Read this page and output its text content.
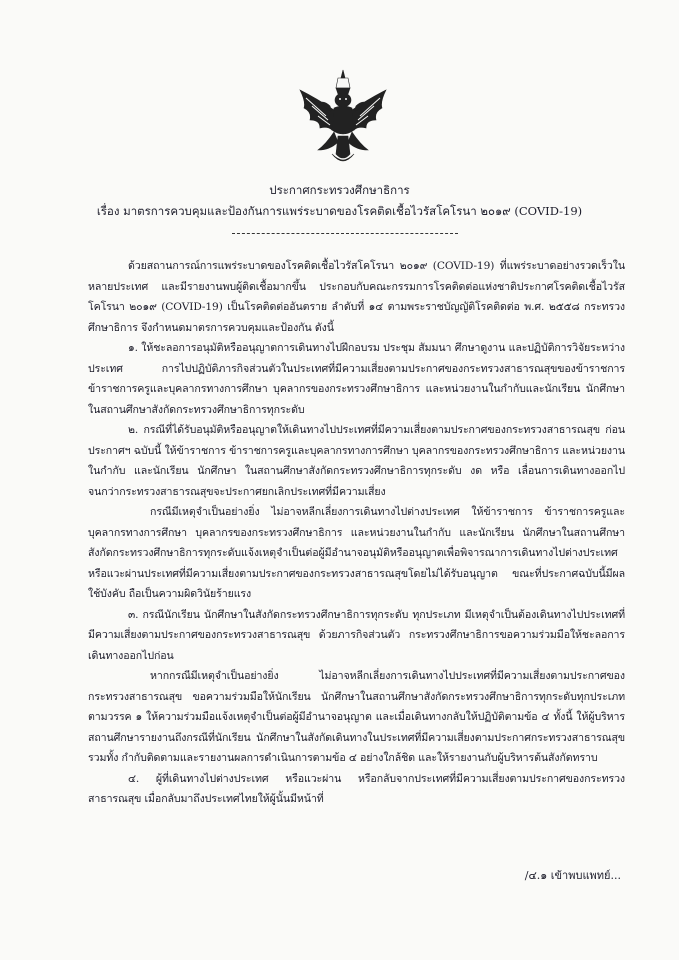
ประกาศกระทรวงศึกษาธิการ
เรื่อง มาตรการควบคุมและป้องกันการแพร่ระบาดของโรคติดเชื้อไวรัสโคโรนา ๒๐๑๙ (COVID-19)

ด้วยสถานการณ์การแพร่ระบาดของโรคติดเชื้อไวรัสโคโรนา ๒๐๑๙ (COVID-19) ที่แพร่ระบาดอย่างรวดเร็วในหลายประเทศ และมีรายงานพบผู้ติดเชื้อมากขึ้น ประกอบกับคณะกรรมการโรคติดต่อแห่งชาติประกาศโรคติดเชื้อไวรัสโคโรนา ๒๐๑๙ (COVID-19) เป็นโรคติดต่ออันตราย ลำดับที่ ๑๔ ตามพระราชบัญญัติโรคติดต่อ พ.ศ. ๒๕๕๘ กระทรวงศึกษาธิการ จึงกำหนดมาตรการควบคุมและป้องกัน ดังนี้

๑. ให้ชะลอการอนุมัติหรืออนุญาตการเดินทางไปฝึกอบรม ประชุม สัมมนา ศึกษาดูงาน และปฏิบัติการวิจัยระหว่างประเทศ การไปปฏิบัติภารกิจส่วนตัวในประเทศที่มีความเสี่ยงตามประกาศของกระทรวงสาธารณสุขของข้าราชการ ข้าราชการครูและบุคลากรทางการศึกษา บุคลากรของกระทรวงศึกษาธิการ และหน่วยงานในกำกับและนักเรียน นักศึกษา ในสถานศึกษาสังกัดกระทรวงศึกษาธิการทุกระดับ

๒. กรณีที่ได้รับอนุมัติหรืออนุญาตให้เดินทางไปประเทศที่มีความเสี่ยงตามประกาศของกระทรวงสาธารณสุข ก่อนประกาศฯ ฉบับนี้ ให้ข้าราชการ ข้าราชการครูและบุคลากรทางการศึกษา บุคลากรของกระทรวงศึกษาธิการ และหน่วยงานในกำกับ และนักเรียน นักศึกษา ในสถานศึกษาสังกัดกระทรวงศึกษาธิการทุกระดับ งด หรือ เลื่อนการเดินทางออกไป จนกว่ากระทรวงสาธารณสุขจะประกาศยกเลิกประเทศที่มีความเสี่ยง

กรณีมีเหตุจำเป็นอย่างยิ่ง ไม่อาจหลีกเลี่ยงการเดินทางไปต่างประเทศ ให้ข้าราชการ ข้าราชการครูและบุคลากรทางการศึกษา บุคลากรของกระทรวงศึกษาธิการ และหน่วยงานในกำกับ และนักเรียน นักศึกษาในสถานศึกษาสังกัดกระทรวงศึกษาธิการทุกระดับแจ้งเหตุจำเป็นต่อผู้มีอำนาจอนุมัติหรืออนุญาตเพื่อพิจารณาการเดินทางไปต่างประเทศ หรือแวะผ่านประเทศที่มีความเสี่ยงตามประกาศของกระทรวงสาธารณสุขโดยไม่ได้รับอนุญาต ขณะที่ประกาศฉบับนี้มีผลใช้บังคับ ถือเป็นความผิดวินัยร้ายแรง

๓. กรณีนักเรียน นักศึกษาในสังกัดกระทรวงศึกษาธิการทุกระดับ ทุกประเภท มีเหตุจำเป็นต้องเดินทางไปประเทศที่มีความเสี่ยงตามประกาศของกระทรวงสาธารณสุข ด้วยภารกิจส่วนตัว กระทรวงศึกษาธิการขอความร่วมมือให้ชะลอการเดินทางออกไปก่อน

หากกรณีมีเหตุจำเป็นอย่างยิ่ง ไม่อาจหลีกเลี่ยงการเดินทางไปประเทศที่มีความเสี่ยงตามประกาศของกระทรวงสาธารณสุข ขอความร่วมมือให้นักเรียน นักศึกษาในสถานศึกษาสังกัดกระทรวงศึกษาธิการทุกระดับทุกประเภท ตามวรรค ๑ ให้ความร่วมมือแจ้งเหตุจำเป็นต่อผู้มีอำนาจอนุญาต และเมื่อเดินทางกลับให้ปฏิบัติตามข้อ ๔ ทั้งนี้ ให้ผู้บริหารสถานศึกษารายงานถึงกรณีที่นักเรียน นักศึกษาในสังกัดเดินทางในประเทศที่มีความเสี่ยงตามประกาศกระทรวงสาธารณสุข รวมทั้ง กำกับติดตามและรายงานผลการดำเนินการตามข้อ ๔ อย่างใกล้ชิด และให้รายงานกับผู้บริหารต้นสังกัดทราบ

๔. ผู้ที่เดินทางไปต่างประเทศ หรือแวะผ่าน หรือกลับจากประเทศที่มีความเสี่ยงตามประกาศของกระทรวงสาธารณสุข เมื่อกลับมาถึงประเทศไทยให้ผู้นั้นมีหน้าที่

/๔.๑ เข้าพบแพทย์...
